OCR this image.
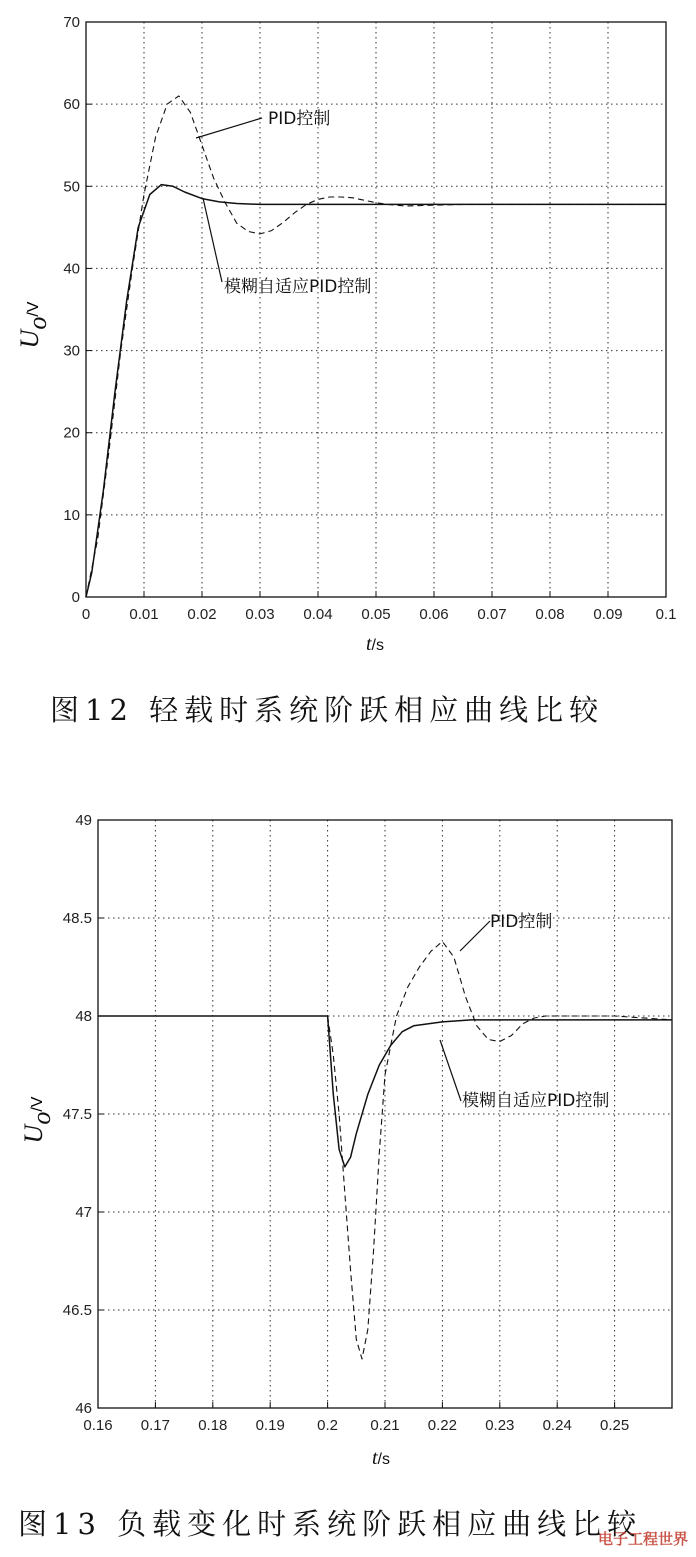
0	0.01 0.02 0.03 0.04 0.05 0.06 0.07 0.08 0.09 0.1
0
10
20
30
40
50
60
70
PID控制
模糊自适应PID控制
Uo/V
t/s
0.16 0.17 0.18 0.19 0.2 0.21 0.22 0.23 0.24 0.25
46
46.5
47
47.5
48
48.5
49
PID控制
模糊自适应PID控制
Uo/V
t/s
图12 轻载时系统阶跃相应曲线比较
图13 负载变化时系统阶跃相应曲线比较
电子工程世界
